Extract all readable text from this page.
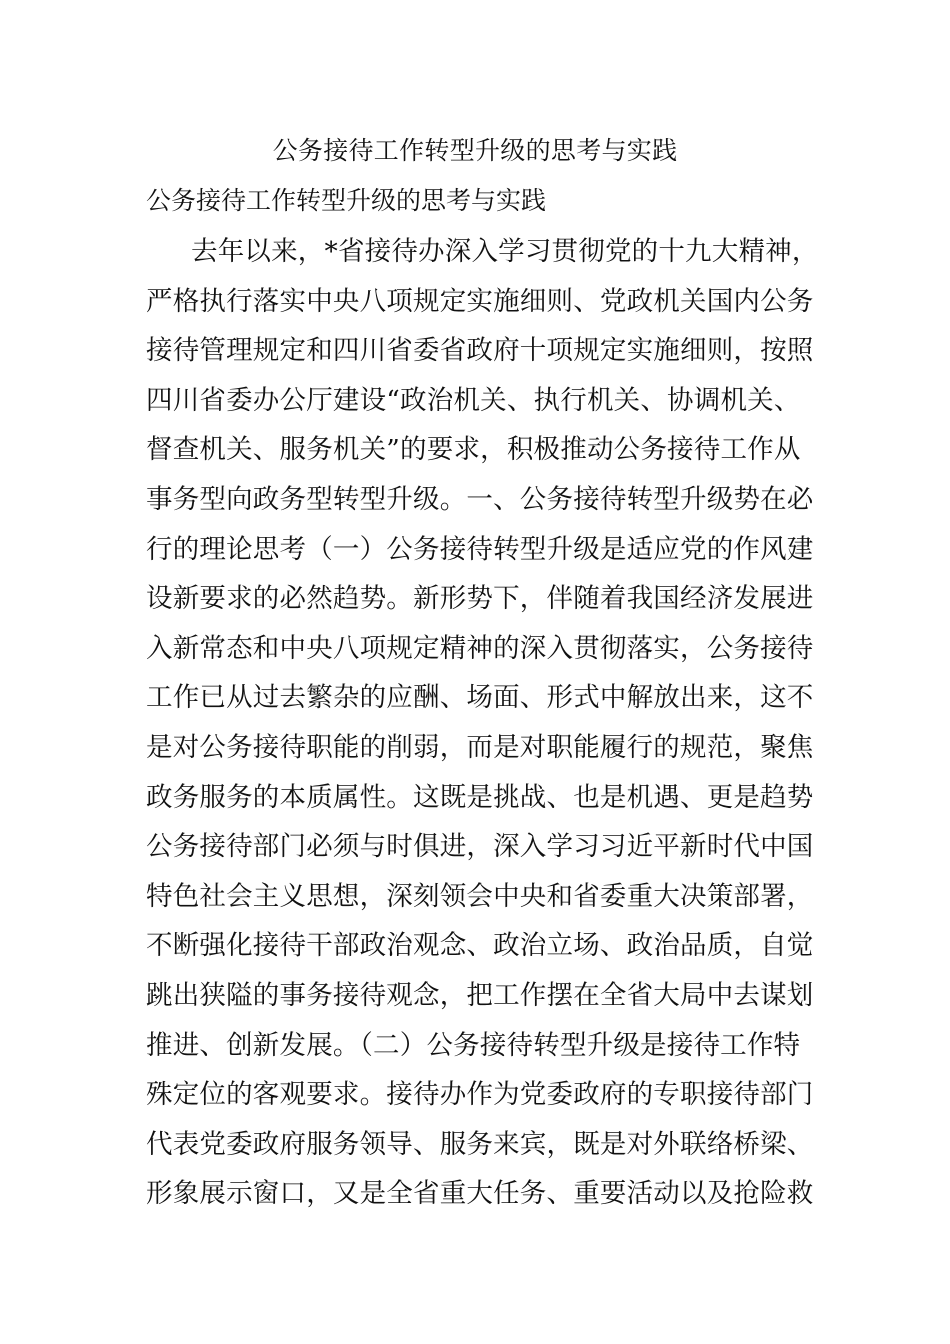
公务接待工作转型升级的思考与实践
公务接待工作转型升级的思考与实践
去年以来，*省接待办深入学习贯彻党的十九大精神，
严格执行落实中央八项规定实施细则、党政机关国内公务
接待管理规定和四川省委省政府十项规定实施细则，按照
四川省委办公厅建设“政治机关、执行机关、协调机关、
督查机关、服务机关”的要求，积极推动公务接待工作从
事务型向政务型转型升级。一、公务接待转型升级势在必
行的理论思考（一）公务接待转型升级是适应党的作风建
设新要求的必然趋势。新形势下，伴随着我国经济发展进
入新常态和中央八项规定精神的深入贯彻落实，公务接待
工作已从过去繁杂的应酬、场面、形式中解放出来，这不
是对公务接待职能的削弱，而是对职能履行的规范，聚焦
政务服务的本质属性。这既是挑战、也是机遇、更是趋势
公务接待部门必须与时俱进，深入学习习近平新时代中国
特色社会主义思想，深刻领会中央和省委重大决策部署，
不断强化接待干部政治观念、政治立场、政治品质，自觉
跳出狭隘的事务接待观念，把工作摆在全省大局中去谋划
推进、创新发展。（二）公务接待转型升级是接待工作特
殊定位的客观要求。接待办作为党委政府的专职接待部门
代表党委政府服务领导、服务来宾，既是对外联络桥梁、
形象展示窗口，又是全省重大任务、重要活动以及抢险救
